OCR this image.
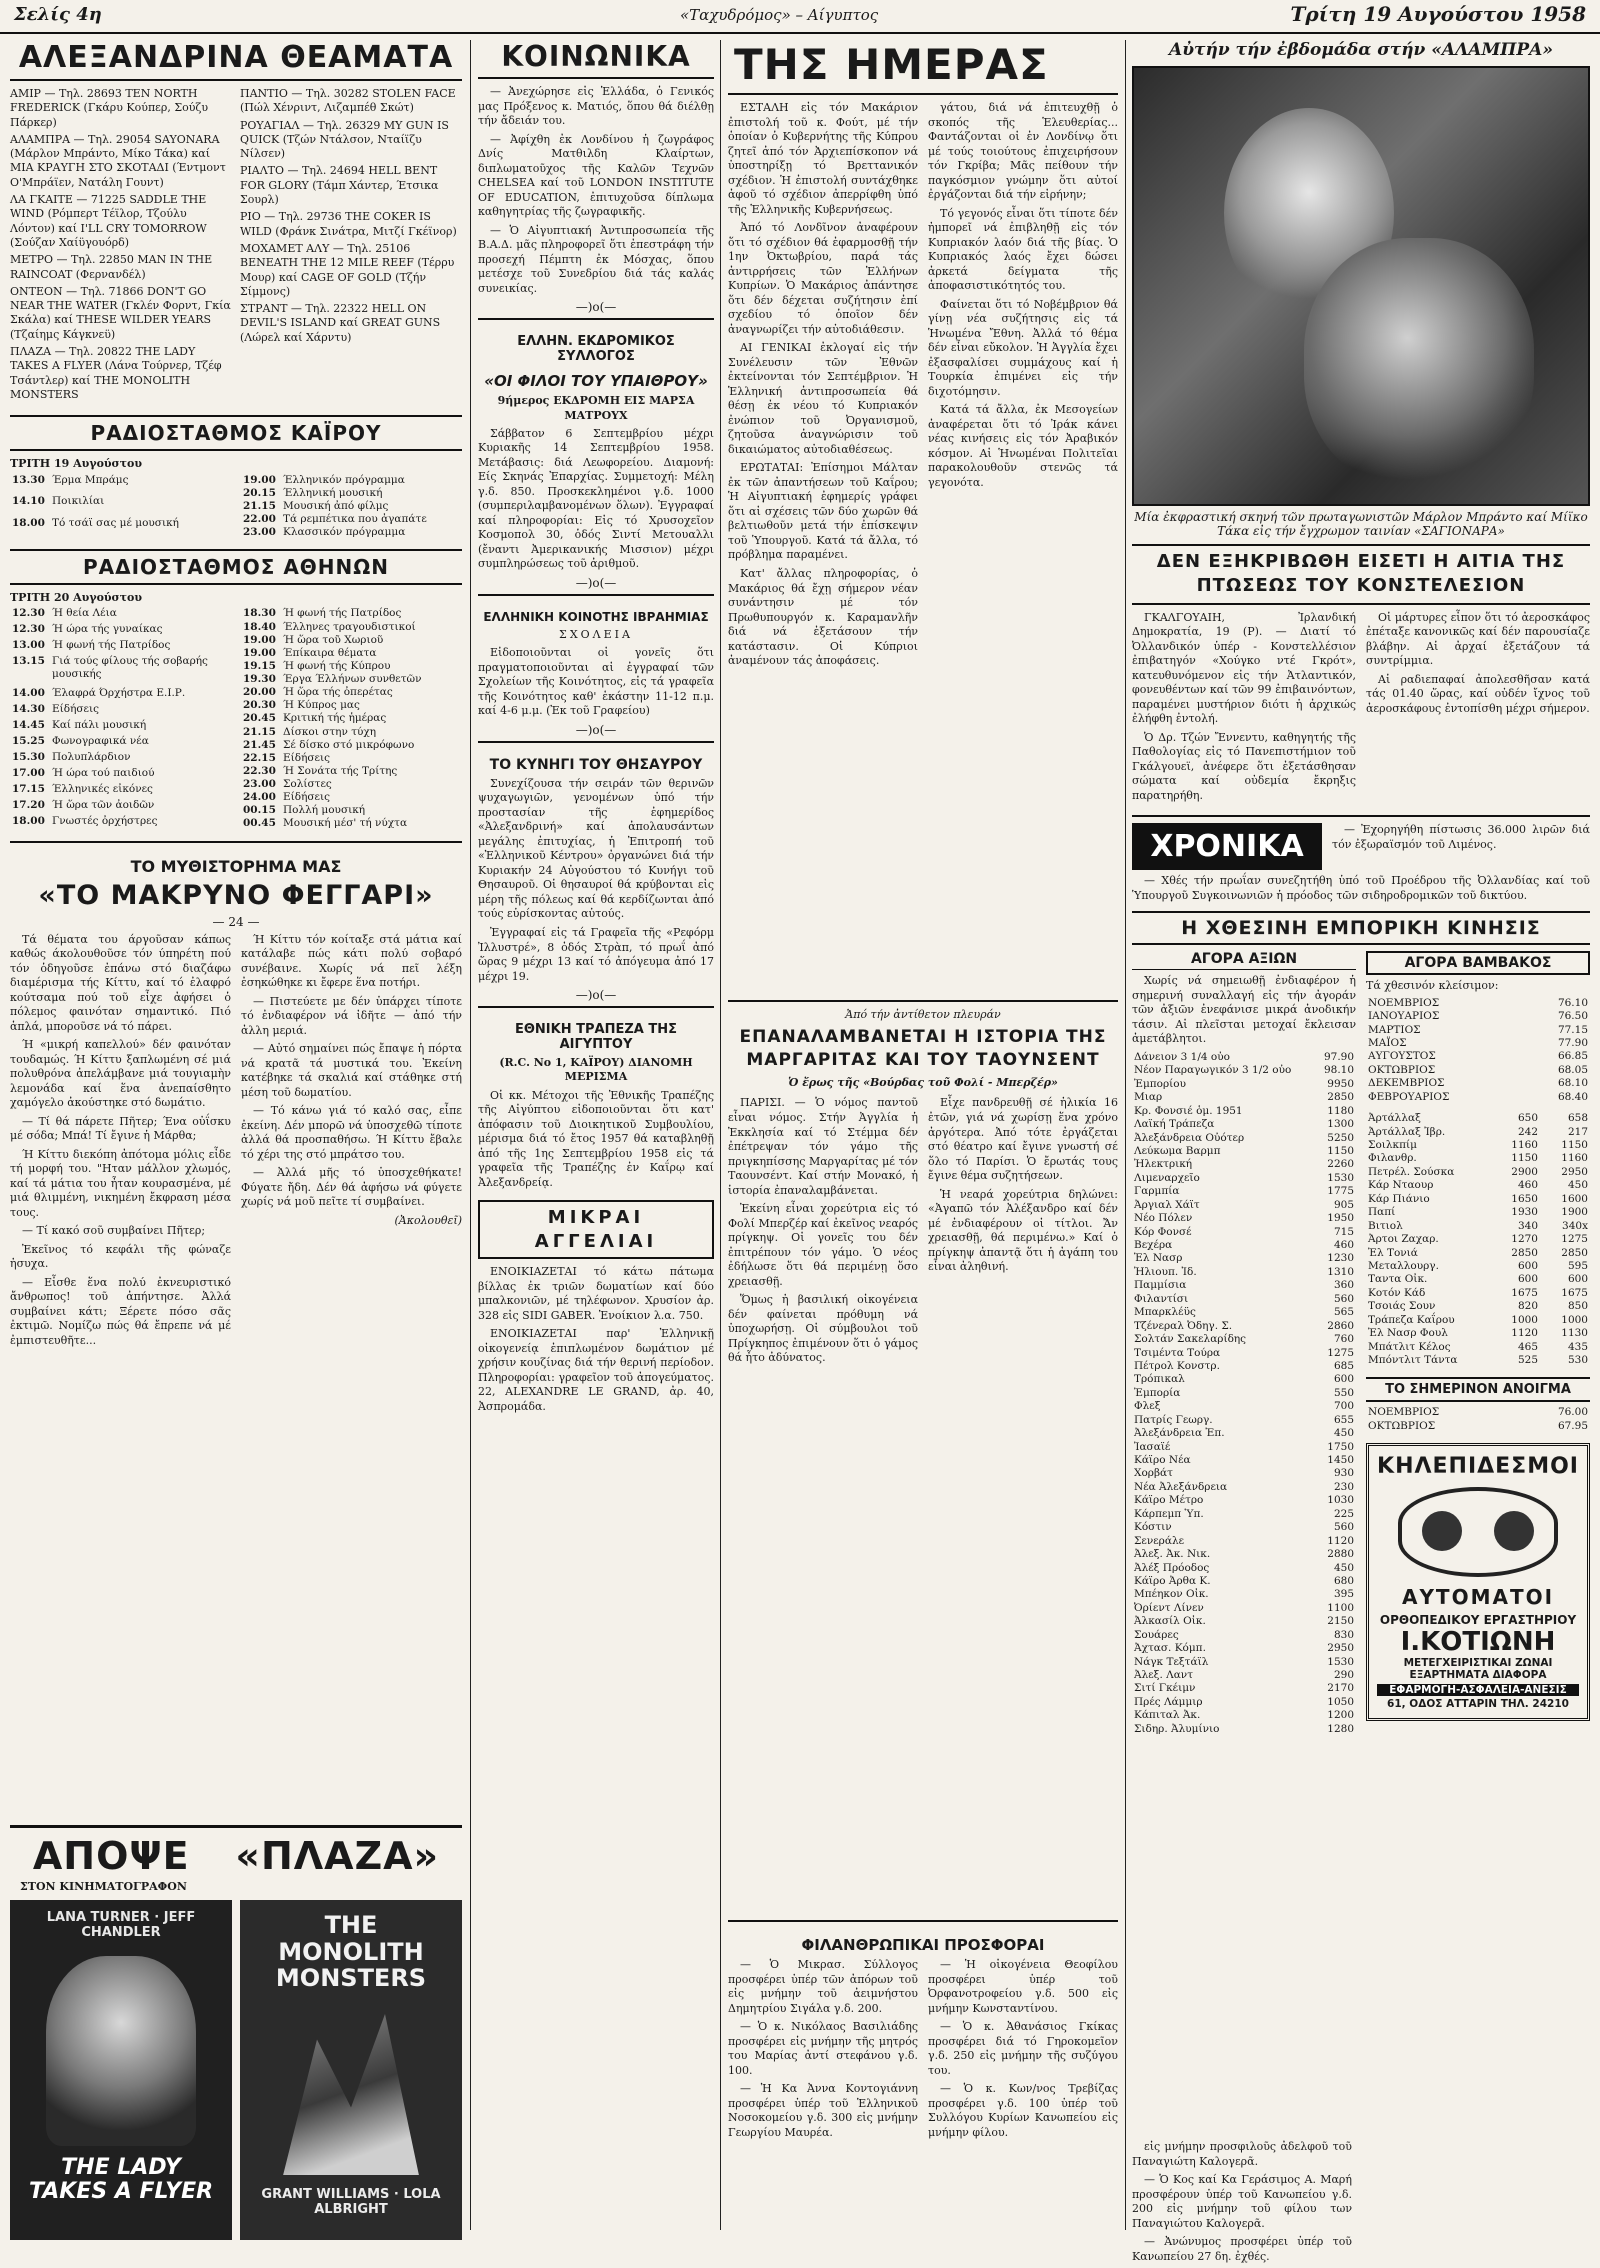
Σελίς 4η	«Ταχυδρόμος» – Αίγυπτος	Τρίτη 19 Αυγούστου 1958
ΑΛΕΞΑΝΔΡΙΝΑ ΘΕΑΜΑΤΑ

ΑΜΙΡ — Τηλ. 28693 TEN NORTH FREDERICK (Γκάρυ Κούπερ, Σούζυ Πάρκερ)

ΑΛΑΜΠΡΑ — Τηλ. 29054 SAYONARA (Μάρλον Μπράντο, Μίκο Τάκα) καί ΜΙΑ ΚΡΑΥΓΗ ΣΤΟ ΣΚΟΤΑΔΙ (Έντμοντ Ο'Μπράϊεν, Νατάλη Γουντ)

ΛΑ ΓΚΑΙΤΕ — 71225 SADDLE THE WIND (Ρόμπερτ Τέϊλορ, Τζούλυ Λόντον) καί I'LL CRY TOMORROW (Σούζαν Χαίϋγουόρδ)

ΜΕΤΡΟ — Τηλ. 22850 MAN IN THE RAINCOAT (Φερνανδέλ)

ΟΝΤΕΟΝ — Τηλ. 71866 DON'T GO NEAR THE WATER (Γκλέν Φορντ, Γκία Σκάλα) καί THESE WILDER YEARS (Τζαίημς Κάγκνεϋ)

ΠΛΑΖΑ — Τηλ. 20822 THE LADY TAKES A FLYER (Λάνα Τούρνερ, Τζέφ Τσάντλερ) καί THE MONOLITH MONSTERS

ΠΑΝΤΙΟ — Τηλ. 30282 STOLEN FACE (Πώλ Χένριντ, Λιζαμπέθ Σκώτ)

ΡΟΥΑΓΙΑΛ — Τηλ. 26329 MY GUN IS QUICK (Τζών Ντάλσον, Νταίϊζυ Νίλσεν)

ΡΙΑΛΤΟ — Τηλ. 24694 HELL BENT FOR GLORY (Τάμπ Χάντερ, Έτσικα Σουρλ)

ΡΙΟ — Τηλ. 29736 THE COKER IS WILD (Φράνκ Σινάτρα, Μιτζί Γκέϊνορ)

ΜΟΧΑΜΕΤ ΑΛΥ — Τηλ. 25106 BENEATH THE 12 MILE REEF (Τέρρυ Μουρ) καί CAGE OF GOLD (Τζήν Σίμμονς)

ΣΤΡΑΝΤ — Τηλ. 22322 HELL ON DEVIL'S ISLAND καί GREAT GUNS (Λώρελ καί Χάρντυ)

ΡΑΔΙΟΣΤΑΘΜΟΣ ΚΑΪΡΟΥ
ΤΡΙΤΗ 19 Αυγούστου
13.30	Έρμα Μπράμς
14.10	Ποικιλίαι
18.00	Τό τσάϊ σας μέ μουσική
19.00	Έλληνικόν πρόγραμμα
20.15	Έλληνική μουσική
21.15	Μουσική ἀπό φίλμς
22.00	Τά ρεμπέτικα που ἀγαπάτε
23.00	Κλασσικόν πρόγραμμα
ΡΑΔΙΟΣΤΑΘΜΟΣ ΑΘΗΝΩΝ
ΤΡΙΤΗ 20 Αυγούστου
12.30	Ή θεία Λέια
12.30	Ή ώρα τής γυναίκας
13.00	Ή φωνή τής Πατρίδος
13.15	Γιά τούς φίλους τής σοβαρής μουσικής
14.00	Έλαφρά Όρχήστρα Ε.Ι.Ρ.
14.30	Είδήσεις
14.45	Καί πάλι μουσική
15.25	Φωνογραφικά νέα
15.30	Πολυπλάρδιον
17.00	Ή ώρα τού παιδιού
17.15	Έλληνικές εἰκόνες
17.20	Ή ὥρα τῶν ἀοιδῶν
18.00	Γνωστές ὀρχήστρες
18.30	Ή φωνή τής Πατρίδος
18.40	Έλληνες τραγουδιστικοί
19.00	Ή ὥρα τοῦ Χωριοῦ
19.00	Έπίκαιρα θέματα
19.15	Ή φωνή τής Κύπρου
19.30	Έργα Έλλήνων συνθετῶν
20.00	Ή ὥρα τής ὀπερέτας
20.30	Ή Κύπρος μας
20.45	Κριτική τής ἡμέρας
21.15	Δίσκοι στην τύχη
21.45	Σέ δίσκο στό μικρόφωνο
22.15	Είδήσεις
22.30	Ή Σονάτα τής Τρίτης
23.00	Σολίστες
24.00	Είδήσεις
00.15	Πολλή μουσική
00.45	Μουσική μέσ' τή νύχτα
ΤΟ ΜΥΘΙΣΤΟΡΗΜΑ ΜΑΣ
«ΤΟ ΜΑΚΡΥΝΟ ΦΕΓΓΑΡΙ»
— 24 —

Τά θέματα του άργοῦσαν κάπως καθώς άκολουθοῦσε τόν ύπηρέτη πού τόν ὁδηγοῦσε ἐπάνω στό διαζάφω διαμέρισμα τής Κίττυ, καί τό ἐλαφρό κούτσαμα πού τοῦ εἶχε ἀφήσει ὁ πόλεμος φαινόταν σημαντικό. Πιό ἁπλά, μποροῦσε νά τό πάρει.

Ή «μικρή καπελλού» δέν φαινόταν τουδαμώς. Ή Κίττυ ξαπλωμένη σέ μιά πολυθρόνα ἀπελάμβανε μιά τουγιαμὴν λεμονάδα καί ἕνα ἀνεπαίσθητο χαμόγελο ἀκούστηκε στό δωμάτιο.

— Τί θά πάρετε Πῆτερ; Ένα οὐΐσκυ μέ σόδα; Μπά! Τί ἔγινε ἡ Μάρθα;

Ή Κίττυ διεκόπη ἀπότομα μόλις εἶδε τή μορφή του. "Ηταν μάλλον χλωμός, καί τά μάτια του ἦταν κουρασμένα, μέ μιά θλιμμένη, νικημένη ἔκφραση μέσα τους.

— Τί κακό σοῦ συμβαίνει Πῆτερ;

Ἐκεῖνος τό κεφάλι τῆς φώναζε ἡσυχα.

— Εἶσθε ἕνα πολύ ἐκνευριστικό ἄνθρωπος! τοῦ ἀπήντησε. Ἀλλά συμβαίνει κάτι; Ξέρετε πόσο σᾶς ἐκτιμῶ. Νομίζω πώς θά ἔπρεπε νά μέ ἐμπιστευθῆτε...

Ή Κίττυ τόν κοίταξε στά μάτια καί κατάλαβε πώς κάτι πολύ σοβαρό συνέβαινε. Χωρίς νά πεῖ λέξη ἐσηκώθηκε κι ἔφερε ἕνα ποτήρι.

— Πιστεύετε με δέν ὑπάρχει τίποτε τό ἐνδιαφέρον νά ἰδῆτε — ἀπό τήν ἀλλη μεριά.

— Αὐτό σημαίνει πώς ἔπαψε ἡ πόρτα νά κρατᾶ τά μυστικά του. Ἐκείνη κατέβηκε τά σκαλιά καί στάθηκε στή μέση τοῦ δωματίου.

— Τό κάνω γιά τό καλό σας, εἶπε ἐκείνη. Δέν μπορῶ νά ὑποσχεθῶ τίποτε ἀλλά θά προσπαθήσω. Ή Κίττυ ἔβαλε τό χέρι της στό μπράτσο του.

— Ἀλλά μῆς τό ὑποσχεθήκατε! Φύγατε ἤδη. Δέν θά ἀφήσω νά φύγετε χωρίς νά μοῦ πεῖτε τί συμβαίνει.

(Ἀκολουθεῖ)

ΑΠΟΨΕ «ΠΛΑΖΑ»
ΣΤΟΝ ΚΙΝΗΜΑΤΟΓΡΑΦΟΝ
LANA TURNER · JEFF CHANDLER
THE LADY TAKES A FLYER
THE MONOLITH MONSTERS
GRANT WILLIAMS · LOLA ALBRIGHT
ΚΟΙΝΩΝΙΚΑ

— Ἀνεχώρησε εἰς Ἑλλάδα, ὁ Γενικός μας Πρόξενος κ. Ματιός, ὅπου θά διέλθῃ τήν ἄδειάν του.

— Ἀφίχθη ἐκ Λονδίνου ἡ ζωγράφος Δνίς Ματθιλδη Κλαίρτων, διπλωματοῦχος τῆς Καλῶν Τεχνῶν CHELSEA καί τοῦ LONDON INSTITUTE OF EDUCATION, ἐπιτυχοῦσα δίπλωμα καθηγητρίας τῆς ζωγραφικῆς.

— Ὁ Αἰγυπτιακή Ἀντιπροσωπεία τῆς Β.Α.Δ. μᾶς πληροφορεῖ ὅτι ἐπεστράφη τήν προσεχή Πέμπτη ἐκ Μόσχας, ὅπου μετέσχε τοῦ Συνεδρίου διά τάς καλάς συνεικίας.

—)o(—
ΕΛΛΗΝ. ΕΚΔΡΟΜΙΚΟΣ ΣΥΛΛΟΓΟΣ
«ΟΙ ΦΙΛΟΙ ΤΟΥ ΥΠΑΙΘΡΟΥ»
9ήμερος ΕΚΔΡΟΜΗ ΕΙΣ ΜΑΡΣΑ ΜΑΤΡΟΥΧ

Σάββατον 6 Σεπτεμβρίου μέχρι Κυριακῆς 14 Σεπτεμβρίου 1958. Μετάβασις: διά Λεωφορείου. Διαμονή: Είς Σκηνάς Ἐπαρχίας. Συμμετοχή: Μέλη γ.δ. 850. Προσκεκλημένοι γ.δ. 1000 (συμπεριλαμβανομένων ὅλων). Ἐγγραφαί καί πληροφορίαι: Εἰς τό Χρυσοχεῖον Κοσμοπολ 30, ὁδός Σιντί Μετουαλλι (ἔναντι Ἀμερικανικής Μισσιον) μέχρι συμπληρώσεως τοῦ ἀριθμοῦ.

—)o(—
ΕΛΛΗΝΙΚΗ ΚΟΙΝΟΤΗΣ ΙΒΡΑΗΜΙΑΣ
ΣΧΟΛΕΙΑ

Εἰδοποιοῦνται οἱ γονεῖς ὅτι πραγματοποιοῦνται αἱ ἐγγραφαί τῶν Σχολείων τῆς Κοινότητος, εἰς τά γραφεῖα τῆς Κοινότητος καθ' ἑκάστην 11-12 π.μ. καί 4-6 μ.μ. (Ἐκ τοῦ Γραφείου)

—)o(—
ΤΟ ΚΥΝΗΓΙ ΤΟΥ ΘΗΣΑΥΡΟΥ

Συνεχίζουσα τήν σειράν τῶν θερινῶν ψυχαγωγιῶν, γενομένων ὑπό τήν προστασίαν τῆς ἐφημερίδος «Ἀλεξανδρινή» καί ἀπολαυσάντων μεγάλης ἐπιτυχίας, ἡ Ἐπιτροπή τοῦ «Ἑλληνικοῦ Κέντρου» ὀργανώνει διά τήν Κυριακήν 24 Αὐγούστου τό Κυνήγι τοῦ Θησαυροῦ. Οἱ θησαυροί θά κρύβονται εἰς μέρη τῆς πόλεως καί θά κερδίζωνται ἀπό τούς εὑρίσκοντας αὐτούς.

Ἐγγραφαί εἰς τά Γραφεῖα τῆς «Ρεφόρμ Ἰλλυστρέ», 8 ὁδός Στρὰπ, τό πρωΐ ἀπό ὥρας 9 μέχρι 13 καί τό ἀπόγευμα ἀπό 17 μέχρι 19.

—)o(—
ΕΘΝΙΚΗ ΤΡΑΠΕΖΑ ΤΗΣ ΑΙΓΥΠΤΟΥ
(R.C. No 1, ΚΑΪΡΟΥ) ΔΙΑΝΟΜΗ ΜΕΡΙΣΜΑ

Οἱ κκ. Μέτοχοι τῆς Ἐθνικῆς Τραπέζης τῆς Αἰγύπτου εἰδοποιοῦνται ὅτι κατ' ἀπόφασιν τοῦ Διοικητικοῦ Συμβουλίου, μέρισμα διά τό ἔτος 1957 θά καταβληθῇ ἀπό τῆς 1ης Σεπτεμβρίου 1958 εἰς τά γραφεῖα τῆς Τραπέζης ἐν Καΐρῳ καί Ἀλεξανδρείᾳ.

ΜΙΚΡΑΙ ΑΓΓΕΛΙΑΙ

ΕΝΟΙΚΙΑΖΕΤΑΙ τό κάτω πάτωμα βίλλας ἐκ τριῶν δωματίων καί δύο μπαλκονιῶν, μέ τηλέφωνον. Χρυσίον ἀρ. 328 εἰς SIDI GABER. Ἐνοίκιον λ.α. 750.

ΕΝΟΙΚΙΑΖΕΤΑΙ παρ' Ἑλληνικῇ οἰκογενείᾳ ἐπιπλωμένον δωμάτιον μέ χρήσιν κουζίνας διά τήν θερινή περίοδον. Πληροφορίαι: γραφεῖον τοῦ ἀπογεύματος. 22, ALEXANDRE LE GRAND, ἀρ. 40, Ἀσπρομάδα.

ΤΗΣ ΗΜΕΡΑΣ

ΕΣΤΑΛΗ εἰς τόν Μακάριον ἐπιστολή τοῦ κ. Φούτ, μέ τήν ὁποίαν ὁ Κυβερνήτης τῆς Κύπρου ζητεῖ ἀπό τόν Ἀρχιεπίσκοπον νά ὑποστηρίξῃ τό Βρεττανικόν σχέδιον. Ἡ ἐπιστολή συντάχθηκε ἀφοῦ τό σχέδιον ἀπερρίφθη ὑπό τῆς Ἑλληνικῆς Κυβερνήσεως.

Ἀπό τό Λονδῖνον ἀναφέρουν ὅτι τό σχέδιον θά ἐφαρμοσθῇ τήν 1ην Ὀκτωβρίου, παρά τάς ἀντιρρήσεις τῶν Ἑλλήνων Κυπρίων. Ὁ Μακάριος ἀπάντησε ὅτι δέν δέχεται συζήτησιν ἐπί σχεδίου τό ὁποῖον δέν ἀναγνωρίζει τήν αὐτοδιάθεσιν.

ΑΙ ΓΕΝΙΚΑΙ ἐκλογαί εἰς τήν Συνέλευσιν τῶν Ἐθνῶν ἐκτείνονται τόν Σεπτέμβριον. Ἡ Ἑλληνική ἀντιπροσωπεία θά θέσῃ ἐκ νέου τό Κυπριακόν ἐνώπιον τοῦ Ὀργανισμοῦ, ζητοῦσα ἀναγνώρισιν τοῦ δικαιώματος αὐτοδιαθέσεως.

ΕΡΩΤΑΤΑΙ: Ἐπίσημοι Μάλταν ἐκ τῶν ἀπαντήσεων τοῦ Καΐρου; Ἡ Αἰγυπτιακή ἐφημερίς γράφει ὅτι αἱ σχέσεις τῶν δύο χωρῶν θά βελτιωθοῦν μετά τήν ἐπίσκεψιν τοῦ Ὑπουργοῦ. Κατά τά ἄλλα, τό πρόβλημα παραμένει.

Κατ' ἄλλας πληροφορίας, ὁ Μακάριος θά ἔχῃ σήμερον νέαν συνάντησιν μέ τόν Πρωθυπουργόν κ. Καραμανλῆν διά νά ἐξετάσουν τήν κατάστασιν. Οἱ Κύπριοι ἀναμένουν τάς ἀποφάσεις.

γάτου, διά νά ἐπιτευχθῇ ὁ σκοπός τῆς Ἑλευθερίας... Φαντάζονται οἱ ἐν Λονδίνῳ ὅτι μέ τούς τοιούτους ἐπιχειρήσουν τόν Γκρίβα; Μᾶς πείθουν τήν παγκόσμιον γνώμην ὅτι αὐτοί ἐργάζονται διά τήν εἰρήνην;

Τό γεγονός εἶναι ὅτι τίποτε δέν ἠμπορεῖ νά ἐπιβληθῇ εἰς τόν Κυπριακόν λαόν διά τῆς βίας. Ὁ Κυπριακός λαός ἔχει δώσει ἀρκετά δείγματα τῆς ἀποφασιστικότητός του.

Φαίνεται ὅτι τό Νοβέμβριον θά γίνῃ νέα συζήτησις εἰς τά Ἡνωμένα Ἔθνη. Ἀλλά τό θέμα δέν εἶναι εὔκολον. Ἡ Ἀγγλία ἔχει ἐξασφαλίσει συμμάχους καί ἡ Τουρκία ἐπιμένει εἰς τήν διχοτόμησιν.

Κατά τά ἄλλα, ἐκ Μεσογείων ἀναφέρεται ὅτι τό Ἰράκ κάνει νέας κινήσεις εἰς τόν Ἀραβικόν κόσμον. Αἱ Ἡνωμέναι Πολιτεῖαι παρακολουθοῦν στενῶς τά γεγονότα.

Ἀπό τήν ἀντίθετον πλευράν
ΕΠΑΝΑΛΑΜΒΑΝΕΤΑΙ Η ΙΣΤΟΡΙΑ ΤΗΣ ΜΑΡΓΑΡΙΤΑΣ ΚΑΙ ΤΟΥ ΤΑΟΥΝΣΕΝΤ
Ὁ ἔρως τῆς «Βούρδας τοῦ Φολί - Μπερζέρ»

ΠΑΡΙΣΙ. — Ὁ νόμος παντοῦ εἶναι νόμος. Στήν Ἀγγλία ἡ Ἐκκλησία καί τό Στέμμα δέν ἐπέτρεψαν τόν γάμο τῆς πριγκηπίσσης Μαργαρίτας μέ τόν Ταουνσέντ. Καί στήν Μονακό, ἡ ἱστορία ἐπαναλαμβάνεται.

Ἐκείνη εἶναι χορεύτρια εἰς τό Φολί Μπερζέρ καί ἐκεῖνος νεαρός πρίγκηψ. Οἱ γονεῖς του δέν ἐπιτρέπουν τόν γάμο. Ὁ νέος ἐδήλωσε ὅτι θά περιμένῃ ὅσο χρειασθῇ.

Ὅμως ἡ βασιλική οἰκογένεια δέν φαίνεται πρόθυμη νά ὑποχωρήσῃ. Οἱ σύμβουλοι τοῦ Πρίγκηπος ἐπιμένουν ὅτι ὁ γάμος θά ἦτο ἀδύνατος.

Εἶχε πανδρευθῇ σέ ἡλικία 16 ἐτῶν, γιά νά χωρίσῃ ἕνα χρόνο ἀργότερα. Ἀπό τότε ἐργάζεται στό θέατρο καί ἔγινε γνωστή σέ ὅλο τό Παρίσι. Ὁ ἔρωτάς τους ἔγινε θέμα συζητήσεων.

Ἡ νεαρά χορεύτρια δηλώνει: «Ἀγαπῶ τόν Ἀλέξανδρο καί δέν μέ ἐνδιαφέρουν οἱ τίτλοι. Ἄν χρειασθῇ, θά περιμένω.» Καί ὁ πρίγκηψ ἀπαντᾷ ὅτι ἡ ἀγάπη του εἶναι ἀληθινή.

ΦΙΛΑΝΘΡΩΠΙΚΑΙ ΠΡΟΣΦΟΡΑΙ

— Ὁ Μικρασ. Σύλλογος προσφέρει ὑπέρ τῶν ἀπόρων τοῦ εἰς μνήμην τοῦ ἀειμνήστου Δημητρίου Σιγάλα γ.δ. 200.

— Ὁ κ. Νικόλαος Βασιλιάδης προσφέρει εἰς μνήμην τῆς μητρός του Μαρίας ἀντί στεφάνου γ.δ. 100.

— Ἡ Κα Ἀννα Κοντογιάννη προσφέρει ὑπέρ τοῦ Ἑλληνικοῦ Νοσοκομείου γ.δ. 300 εἰς μνήμην Γεωργίου Μαυρέα.

— Ἡ οἰκογένεια Θεοφίλου προσφέρει ὑπέρ τοῦ Ὀρφανοτροφείου γ.δ. 500 εἰς μνήμην Κωνσταντίνου.

— Ὁ κ. Ἀθανάσιος Γκίκας προσφέρει διά τό Γηροκομεῖον γ.δ. 250 εἰς μνήμην τῆς συζύγου του.

— Ὁ κ. Κων/νος Τρεβίζας προσφέρει γ.δ. 100 ὑπέρ τοῦ Συλλόγου Κυρίων Κανωπείου εἰς μνήμην φίλου.

Αὐτήν τήν ἐβδομάδα στήν «ΑΛΑΜΠΡΑ»
Μία ἐκφραστική σκηνή τῶν πρωταγωνιστῶν Μάρλον Μπράντο καί Μίϊκο Τάκα εἰς τήν ἔγχρωμον ταινίαν «ΣΑΓΙΟΝΑΡΑ»
ΔΕΝ ΕΞΗΚΡΙΒΩΘΗ ΕΙΣΕΤΙ Η ΑΙΤΙΑ ΤΗΣ ΠΤΩΣΕΩΣ ΤΟΥ ΚΟΝΣΤΕΛΕΣΙΟΝ

ΓΚΑΛΓΟΥΑΙΗ, Ἰρλανδική Δημοκρατία, 19 (Ρ). — Διατί τό Ὀλλανδικόν ὑπέρ - Κονστελλέσιον ἐπιβατηγόν «Χούγκο ντέ Γκρότ», κατευθυνόμενον εἰς τήν Ἀτλαντικόν, φονευθέντων καί τῶν 99 ἐπιβαινόντων, παραμένει μυστήριον διότι ἡ ἀρχικώς ἐλήφθη ἐντολή.

Ὁ Δρ. Τζών Ἔννεντυ, καθηγητής τῆς Παθολογίας εἰς τό Πανεπιστήμιον τοῦ Γκάλγουεϊ, ἀνέφερε ὅτι ἐξετάσθησαν σώματα καί οὐδεμία ἔκρηξις παρατηρήθη.

Οἱ μάρτυρες εἶπον ὅτι τό ἀεροσκάφος ἐπέταξε κανονικῶς καί δέν παρουσίαζε βλάβην. Αἱ ἀρχαί ἐξετάζουν τά συντρίμμια.

Αἱ ραδιεπαφαί ἀπολεσθῆσαν κατά τάς 01.40 ὥρας, καί οὐδέν ἴχνος τοῦ ἀεροσκάφους ἐντοπίσθη μέχρι σήμερον.

ΧΡΟΝΙΚΑ	— Ἐχορηγήθη πίστωσις 36.000 λιρῶν διά τόν ἐξωραϊσμόν τοῦ Λιμένος.

— Χθές τήν πρωΐαν συνεζητήθη ὑπό τοῦ Προέδρου τῆς Ὀλλανδίας καί τοῦ Ὑπουργοῦ Συγκοινωνιῶν ἡ πρόοδος τῶν σιδηροδρομικῶν τοῦ δικτύου.

Η ΧΘΕΣΙΝΗ ΕΜΠΟΡΙΚΗ ΚΙΝΗΣΙΣ
ΑΓΟΡΑ ΑΞΙΩΝ

Χωρίς νά σημειωθῇ ἐνδιαφέρον ἡ σημερινή συναλλαγή εἰς τήν ἀγοράν τῶν ἀξιῶν ἐνεφάνισε μικρά ἀνοδικήν τάσιν. Αἱ πλεῖσται μετοχαί ἔκλεισαν ἀμετάβλητοι.

Δάνειον 3 1/4 οὐο	97.90
Νέον Παραγωγικόν 3 1/2 οὐο	98.10
Ἐμπορίου	9950
Μιαρ	2850
Κρ. Φονσιέ ὁμ. 1951	1180
Λαϊκή Τράπεζα	1300
Ἀλεξάνδρεια Οὐότερ	5250
Λεύκωμα Βαρμπ	1150
Ἠλεκτρική	2260
Λιμεναρχεῖο	1530
Γαρμπία	1775
Ἀργιαλ Χάϊτ	905
Νέο Πόλεν	1950
Κόρ Φονσέ	715
Βεχέρα	460
Ἑλ Νασρ	1230
Ἠλιουπ. Ἰδ.	1310
Παμμίσια	360
Φιλαντίσι	560
Μπαρκλέϋς	565
Τζένεραλ Ὀδηγ. Σ.	2860
Σολτάν Σακελαρίδης	760
Τσιμέντα Τούρα	1275
Πέτρολ Κονστρ.	685
Τρόπικαλ	600
Ἐμπορία	550
Φλεξ	700
Πατρίς Γεωργ.	655
Ἀλεξάνδρεια Ἐπ.	450
Ἰασαϊέ	1750
Κάϊρο Νέα	1450
Χορβάτ	930
Νέα Ἀλεξάνδρεια	230
Κάϊρο Μέτρο	1030
Κάρπεμπ Ὑπ.	225
Κόστιν	560
Σενεράλε	1120
Ἀλεξ. Ἀκ. Νικ.	2880
Ἀλέξ Πρόοδος	450
Κάϊρο Ἀρθα Κ.	680
Μπέηκον Οἰκ.	395
Ὀρίεντ Λίνεν	1100
Ἀλκασίλ Οἰκ.	2150
Σουάρες	830
Ἀχτασ. Κόμπ.	2950
Νάγκ Τεξτάϊλ	1530
Ἀλεξ. Λαντ	290
Σιτί Γκέιμν	2170
Πρές Λάμμιρ	1050
Κάπιταλ Ἀκ.	1200
Σιδηρ. Ἀλυμίνιο	1280
ΑΓΟΡΑ ΒΑΜΒΑΚΟΣ
Τά χθεσινόν κλείσιμον:
ΝΟΕΜΒΡΙΟΣ	76.10
ΙΑΝΟΥΑΡΙΟΣ	76.50
ΜΑΡΤΙΟΣ	77.15
ΜΑΪΟΣ	77.90
ΑΥΓΟΥΣΤΟΣ	66.85
ΟΚΤΩΒΡΙΟΣ	68.05
ΔΕΚΕΜΒΡΙΟΣ	68.10
ΦΕΒΡΟΥΑΡΙΟΣ	68.40
Ἀρτάλλαξ	650	658
Ἀρτάλλαξ Ἰβρ.	242	217
Σοιλκπίμ	1160	1150
Φιλανθρ.	1150	1160
Πετρέλ. Σούσκα	2900	2950
Κάρ Νταουρ	460	450
Κάρ Πιάνιο	1650	1600
Παπί	1930	1900
Βιτιολ	340	340x
Ἀρτοι Ζαχαρ.	1270	1275
Ἐλ Τονιά	2850	2850
Μεταλλουργ.	600	595
Ταντα Οἰκ.	600	600
Κοτόν Κάδ	1675	1675
Τσοιάς Σουν	820	850
Τράπεζα Καΐρου	1000	1000
Ἐλ Νασρ Φουλ	1120	1130
Μπάτλιτ Κέλος	465	435
Μπόντλιτ Τάντα	525	530
ΤΟ ΣΗΜΕΡΙΝΟΝ ΑΝΟΙΓΜΑ
ΝΟΕΜΒΡΙΟΣ	76.00
ΟΚΤΩΒΡΙΟΣ	67.95
ΚΗΛΕΠΙΔΕΣΜΟΙ
ΑΥΤΟΜΑΤΟΙ
ΟΡΘΟΠΕΔΙΚΟΥ ΕΡΓΑΣΤΗΡΙΟΥ
Ι.ΚΟΤΙΩΝΗ
ΜΕΤΕΓΧΕΙΡΙΣΤΙΚΑΙ ΖΩΝΑΙ
ΕΞΑΡΤΗΜΑΤΑ ΔΙΑΦΟΡΑ
ΕΦΑΡΜΟΓΗ-ΑΣΦΑΛΕΙΑ-ΑΝΕΣΙΣ
61, ΟΔΟΣ ΑΤΤΑΡΙΝ ΤΗΛ. 24210

εἰς μνήμην προσφιλοῦς ἀδελφοῦ τοῦ Παναγιώτη Καλογερᾶ.

— Ὁ Κος καί Κα Γεράσιμος Α. Μαρή προσφέρουν ὑπέρ τοῦ Κανωπείου γ.δ. 200 εἰς μνήμην τοῦ φίλου των Παναγιώτου Καλογερᾶ.

— Ἀνώνυμος προσφέρει ὑπέρ τοῦ Κανωπείου 27 δη. ἐχθές.
